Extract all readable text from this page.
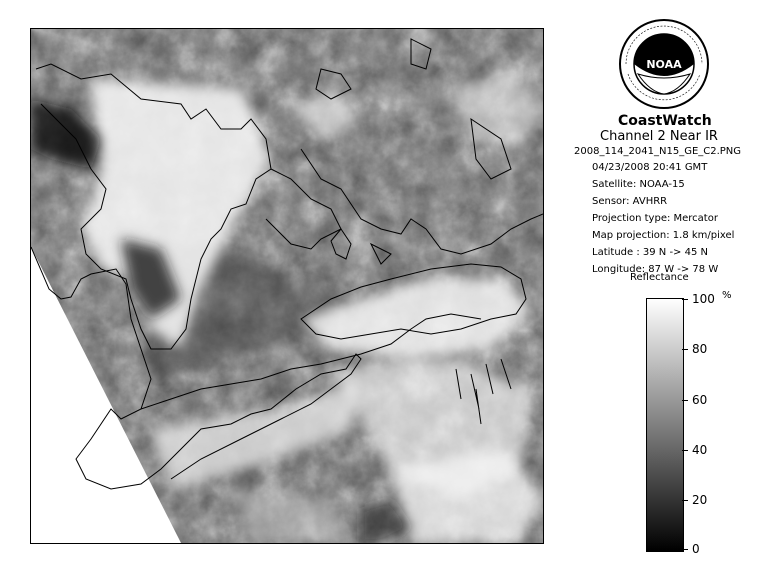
NOAA
CoastWatch
Channel 2 Near IR
2008_114_2041_N15_GE_C2.PNG
04/23/2008 20:41 GMT
Satellite: NOAA-15
Sensor: AVHRR
Projection type: Mercator
Map projection: 1.8 km/pixel
Latitude : 39 N -> 45 N
Longitude: 87 W -> 78 W
Reflectance
%
100
80
60
40
20
0
